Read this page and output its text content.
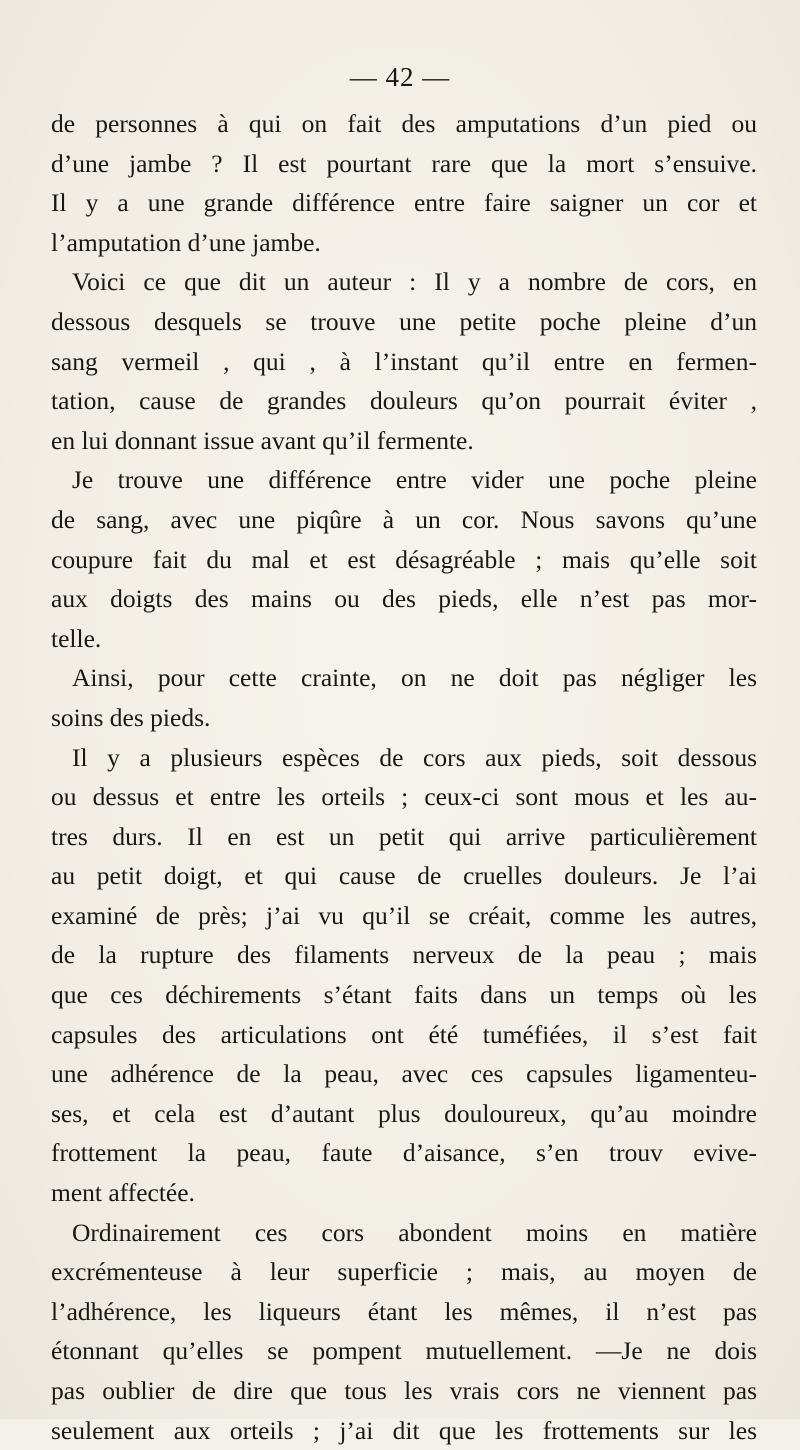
— 42 —

de personnes à qui on fait des amputations d’un pied ou
d’une jambe ? Il est pourtant rare que la mort s’ensuive.
Il y a une grande différence entre faire saigner un cor et
l’amputation d’une jambe.

Voici ce que dit un auteur : Il y a nombre de cors, en
dessous desquels se trouve une petite poche pleine d’un
sang vermeil , qui , à l’instant qu’il entre en fermen-
tation, cause de grandes douleurs qu’on pourrait éviter ,
en lui donnant issue avant qu’il fermente.

Je trouve une différence entre vider une poche pleine
de sang, avec une piqûre à un cor. Nous savons qu’une
coupure fait du mal et est désagréable ; mais qu’elle soit
aux doigts des mains ou des pieds, elle n’est pas mor-
telle.

Ainsi, pour cette crainte, on ne doit pas négliger les
soins des pieds.

Il y a plusieurs espèces de cors aux pieds, soit dessous
ou dessus et entre les orteils ; ceux-ci sont mous et les au-
tres durs. Il en est un petit qui arrive particulièrement
au petit doigt, et qui cause de cruelles douleurs. Je l’ai
examiné de près; j’ai vu qu’il se créait, comme les autres,
de la rupture des filaments nerveux de la peau ; mais
que ces déchirements s’étant faits dans un temps où les
capsules des articulations ont été tuméfiées, il s’est fait
une adhérence de la peau, avec ces capsules ligamenteu-
ses, et cela est d’autant plus douloureux, qu’au moindre
frottement la peau, faute d’aisance, s’en trouv evive-
ment affectée.

Ordinairement ces cors abondent moins en matière
excrémenteuse à leur superficie ; mais, au moyen de
l’adhérence, les liqueurs étant les mêmes, il n’est pas
étonnant qu’elles se pompent mutuellement. —Je ne dois
pas oublier de dire que tous les vrais cors ne viennent pas
seulement aux orteils ; j’ai dit que les frottements sur les
